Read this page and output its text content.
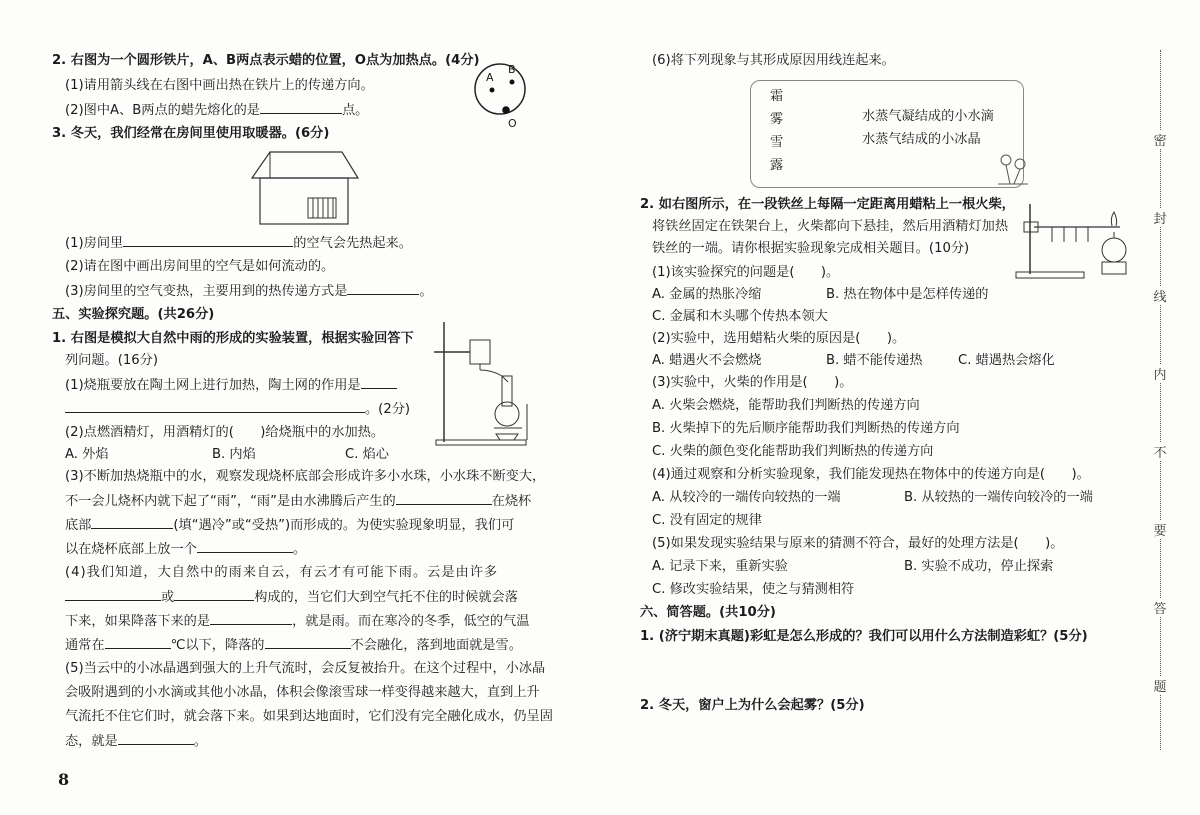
2. 右图为一个圆形铁片，A、B两点表示蜡的位置，O点为加热点。(4分)
(1)请用箭头线在右图中画出热在铁片上的传递方向。
(2)图中A、B两点的蜡先熔化的是	点。
A
B
O
3. 冬天，我们经常在房间里使用取暖器。(6分)
(1)房间里	的空气会先热起来。
(2)请在图中画出房间里的空气是如何流动的。
(3)房间里的空气变热，主要用到的热传递方式是	。
五、实验探究题。(共26分)
1. 右图是模拟大自然中雨的形成的实验装置，根据实验回答下
列问题。(16分)
(1)烧瓶要放在陶土网上进行加热，陶土网的作用是
。(2分)
(2)点燃酒精灯，用酒精灯的(　　)给烧瓶中的水加热。
A. 外焰	B. 内焰	C. 焰心
(3)不断加热烧瓶中的水，观察发现烧杯底部会形成许多小水珠，小水珠不断变大，
不一会儿烧杯内就下起了“雨”，“雨”是由水沸腾后产生的	在烧杯
底部	(填“遇冷”或“受热”)而形成的。为使实验现象明显，我们可
以在烧杯底部上放一个	。
(4)我们知道，大自然中的雨来自云，有云才有可能下雨。云是由许多
或	构成的，当它们大到空气托不住的时候就会落
下来，如果降落下来的是	，就是雨。而在寒冷的冬季，低空的气温
通常在	℃以下，降落的	不会融化，落到地面就是雪。
(5)当云中的小冰晶遇到强大的上升气流时，会反复被抬升。在这个过程中，小冰晶
会吸附遇到的小水滴或其他小冰晶，体积会像滚雪球一样变得越来越大，直到上升
气流托不住它们时，就会落下来。如果到达地面时，它们没有完全融化成水，仍呈固
态，就是	。
8
(6)将下列现象与其形成原因用线连起来。
霜
雾
雪
露
水蒸气凝结成的小水滴
水蒸气结成的小冰晶
2. 如右图所示，在一段铁丝上每隔一定距离用蜡粘上一根火柴，
将铁丝固定在铁架台上，火柴都向下悬挂，然后用酒精灯加热
铁丝的一端。请你根据实验现象完成相关题目。(10分)
(1)该实验探究的问题是(　　)。
A. 金属的热胀冷缩	B. 热在物体中是怎样传递的
C. 金属和木头哪个传热本领大
(2)实验中，选用蜡粘火柴的原因是(　　)。
A. 蜡遇火不会燃烧	B. 蜡不能传递热	C. 蜡遇热会熔化
(3)实验中，火柴的作用是(　　)。
A. 火柴会燃烧，能帮助我们判断热的传递方向
B. 火柴掉下的先后顺序能帮助我们判断热的传递方向
C. 火柴的颜色变化能帮助我们判断热的传递方向
(4)通过观察和分析实验现象，我们能发现热在物体中的传递方向是(　　)。
A. 从较冷的一端传向较热的一端	B. 从较热的一端传向较冷的一端
C. 没有固定的规律
(5)如果发现实验结果与原来的猜测不符合，最好的处理方法是(　　)。
A. 记录下来，重新实验	B. 实验不成功，停止探索
C. 修改实验结果，使之与猜测相符
六、简答题。(共10分)
1. (济宁期末真题)彩虹是怎么形成的？我们可以用什么方法制造彩虹？(5分)
2. 冬天，窗户上为什么会起雾？(5分)
密
封
线
内
不
要
答
题
